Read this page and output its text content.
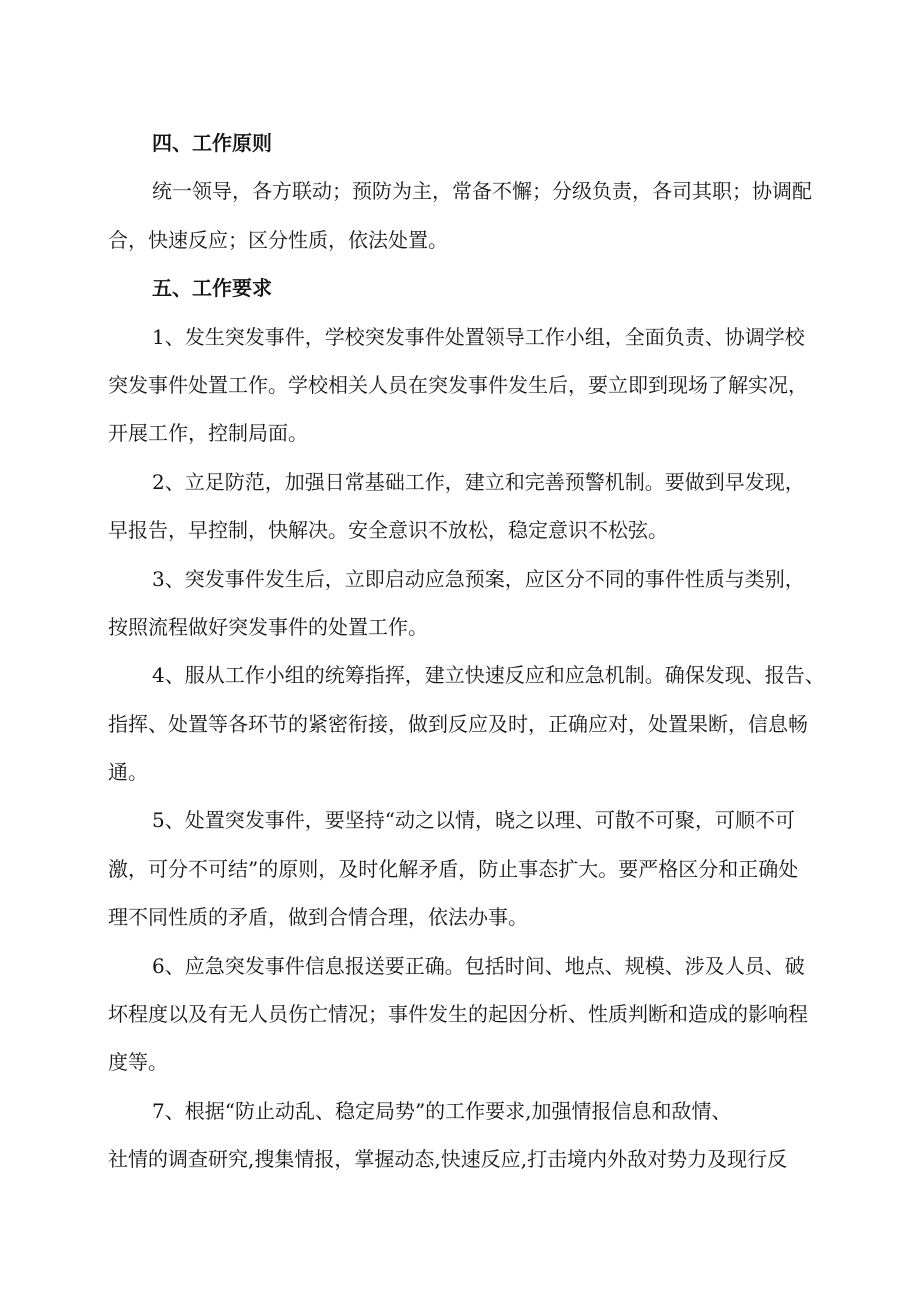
四、工作原则
统一领导，各方联动；预防为主，常备不懈；分级负责，各司其职；协调配
合，快速反应；区分性质，依法处置。
五、工作要求
1、发生突发事件，学校突发事件处置领导工作小组，全面负责、协调学校
突发事件处置工作。学校相关人员在突发事件发生后，要立即到现场了解实况，
开展工作，控制局面。
2、立足防范，加强日常基础工作，建立和完善预警机制。要做到早发现，
早报告，早控制，快解决。安全意识不放松，稳定意识不松弦。
3、突发事件发生后，立即启动应急预案，应区分不同的事件性质与类别，
按照流程做好突发事件的处置工作。
4、服从工作小组的统筹指挥，建立快速反应和应急机制。确保发现、报告、
指挥、处置等各环节的紧密衔接，做到反应及时，正确应对，处置果断，信息畅
通。
5、处置突发事件，要坚持“动之以情，晓之以理、可散不可聚，可顺不可
激，可分不可结”的原则，及时化解矛盾，防止事态扩大。要严格区分和正确处
理不同性质的矛盾，做到合情合理，依法办事。
6、应急突发事件信息报送要正确。包括时间、地点、规模、涉及人员、破
坏程度以及有无人员伤亡情况；事件发生的起因分析、性质判断和造成的影响程
度等。
7、根据“防止动乱、稳定局势”的工作要求,加强情报信息和敌情、
社情的调查研究,搜集情报，掌握动态,快速反应,打击境内外敌对势力及现行反
